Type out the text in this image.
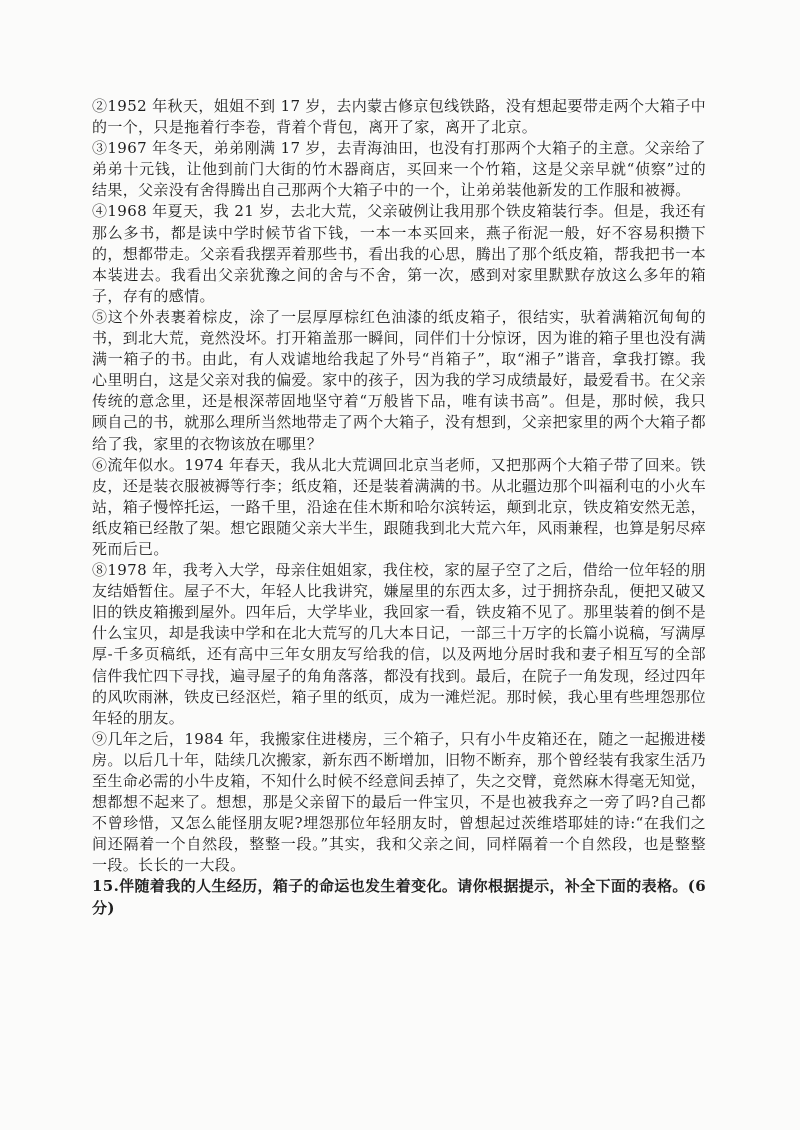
②1952 年秋天，姐姐不到 17 岁，去内蒙古修京包线铁路，没有想起要带走两个大箱子中的一个，只是拖着行李卷，背着个背包，离开了家，离开了北京。

③1967 年冬天，弟弟刚满 17 岁，去青海油田，也没有打那两个大箱子的主意。父亲给了弟弟十元钱，让他到前门大街的竹木器商店，买回来一个竹箱，这是父亲早就“侦察”过的结果，父亲没有舍得腾出自己那两个大箱子中的一个，让弟弟装他新发的工作服和被褥。

④1968 年夏天，我 21 岁，去北大荒，父亲破例让我用那个铁皮箱装行李。但是，我还有那么多书，都是读中学时候节省下钱，一本一本买回来，燕子衔泥一般，好不容易积攒下的，想都带走。父亲看我摆弄着那些书，看出我的心思，腾出了那个纸皮箱，帮我把书一本本装进去。我看出父亲犹豫之间的舍与不舍，第一次，感到对家里默默存放这么多年的箱子，存有的感情。

⑤这个外表裹着棕皮，涂了一层厚厚棕红色油漆的纸皮箱子，很结实，驮着满箱沉甸甸的书，到北大荒，竟然没坏。打开箱盖那一瞬间，同伴们十分惊讶，因为谁的箱子里也没有满满一箱子的书。由此，有人戏谑地给我起了外号“肖箱子”，取“湘子”谐音，拿我打镲。我心里明白，这是父亲对我的偏爱。家中的孩子，因为我的学习成绩最好，最爱看书。在父亲传统的意念里，还是根深蒂固地坚守着“万般皆下品，唯有读书高”。但是，那时候，我只顾自己的书，就那么理所当然地带走了两个大箱子，没有想到，父亲把家里的两个大箱子都给了我，家里的衣物该放在哪里？

⑥流年似水。1974 年春天，我从北大荒调回北京当老师，又把那两个大箱子带了回来。铁皮，还是装衣服被褥等行李；纸皮箱，还是装着满满的书。从北疆边那个叫福利屯的小火车站，箱子慢悴托运，一路千里，沿途在佳木斯和哈尔滨转运，颠到北京，铁皮箱安然无恙，纸皮箱已经散了架。想它跟随父亲大半生，跟随我到北大荒六年，风雨兼程，也算是躬尽瘁死而后已。

⑧1978 年，我考入大学，母亲住姐姐家，我住校，家的屋子空了之后，借给一位年轻的朋友结婚暂住。屋子不大，年轻人比我讲究，嫌屋里的东西太多，过于拥挤杂乱，便把又破又旧的铁皮箱搬到屋外。四年后，大学毕业，我回家一看，铁皮箱不见了。那里装着的倒不是什么宝贝，却是我读中学和在北大荒写的几大本日记，一部三十万字的长篇小说稿，写满厚厚-千多页稿纸，还有高中三年女朋友写给我的信，以及两地分居时我和妻子相互写的全部信件我忙四下寻找，遍寻屋子的角角落落，都没有找到。最后，在院子一角发现，经过四年的风吹雨淋，铁皮已经沤烂，箱子里的纸页，成为一滩烂泥。那时候，我心里有些埋怨那位年轻的朋友。

⑨几年之后，1984 年，我搬家住进楼房，三个箱子，只有小牛皮箱还在，随之一起搬进楼房。以后几十年，陆续几次搬家，新东西不断增加，旧物不断弃，那个曾经装有我家生活乃至生命必需的小牛皮箱，不知什么时候不经意间丢掉了，失之交臂，竟然麻木得毫无知觉，想都想不起来了。想想，那是父亲留下的最后一件宝贝，不是也被我弃之一旁了吗?自己都不曾珍惜，又怎么能怪朋友呢?埋怨那位年轻朋友时，曾想起过茨维塔耶娃的诗:“在我们之间还隔着一个自然段，整整一段。”其实，我和父亲之间，同样隔着一个自然段，也是整整一段。长长的一大段。

15.伴随着我的人生经历，箱子的命运也发生着变化。请你根据提示，补全下面的表格。(6分)
